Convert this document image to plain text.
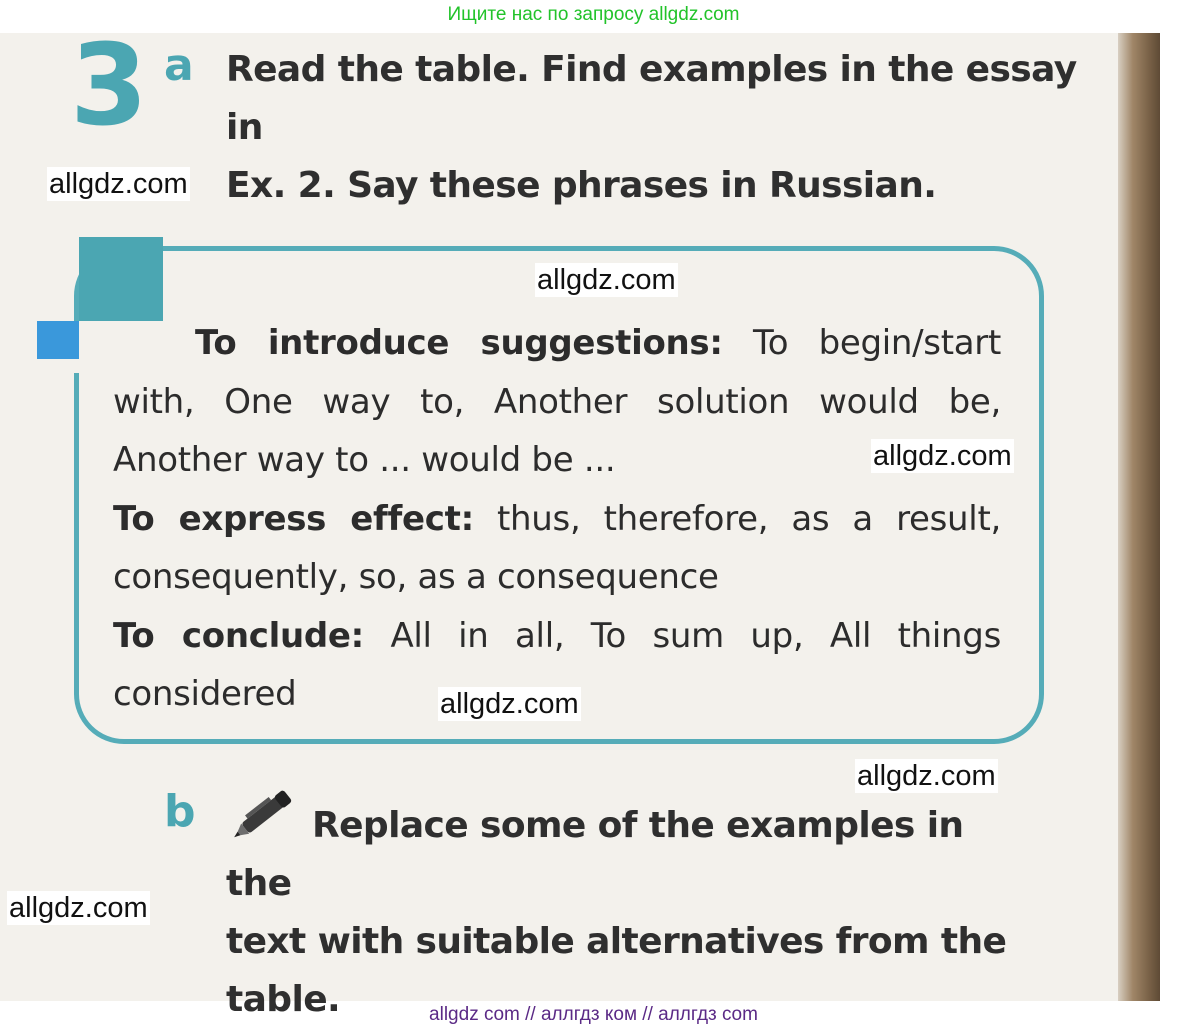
Ищите нас по запросу allgdz.com
3 a Read the table. Find examples in the essay in
Ex. 2. Say these phrases in Russian.

To introduce suggestions: To begin/start with, One way to, Another solution would be, Another way to ... would be ...

To express effect: thus, therefore, as a result, consequently, so, as a consequence

To conclude: All in all, To sum up, All things considered

b	Replace some of the examples in the
text with suitable alternatives from the
table.
allgdz.com
allgdz.com
allgdz.com
allgdz.com
allgdz.com
allgdz.com
allgdz com // аллгдз ком // аллгдз com
